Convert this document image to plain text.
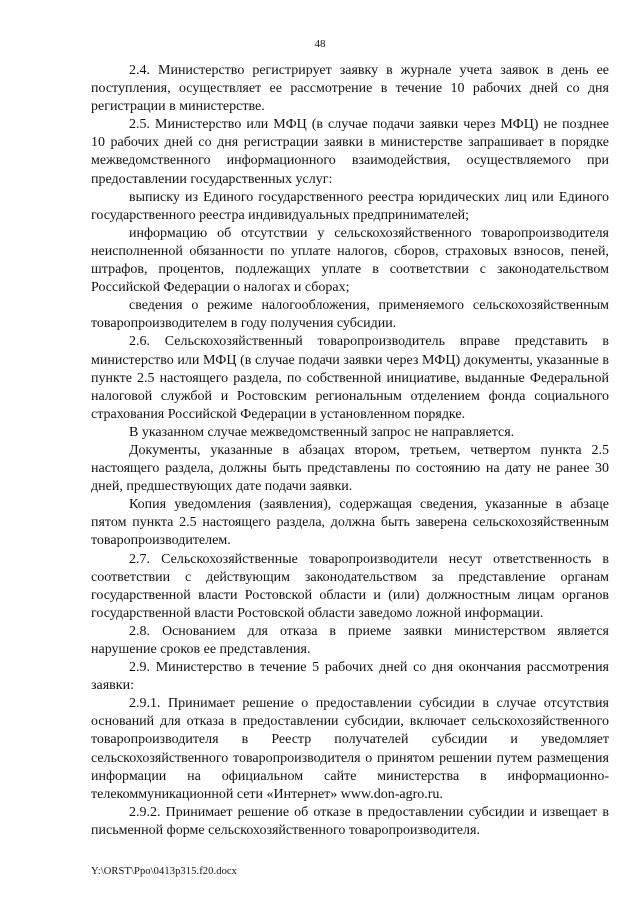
48

2.4. Министерство регистрирует заявку в журнале учета заявок в день ее поступления, осуществляет ее рассмотрение в течение 10 рабочих дней со дня регистрации в министерстве.

2.5. Министерство или МФЦ (в случае подачи заявки через МФЦ) не позднее 10 рабочих дней со дня регистрации заявки в министерстве запрашивает в порядке межведомственного информационного взаимодействия, осуществляемого при предоставлении государственных услуг:

выписку из Единого государственного реестра юридических лиц или Единого государственного реестра индивидуальных предпринимателей;

информацию об отсутствии у сельскохозяйственного товаропроизводителя неисполненной обязанности по уплате налогов, сборов, страховых взносов, пеней, штрафов, процентов, подлежащих уплате в соответствии с законодательством Российской Федерации о налогах и сборах;

сведения о режиме налогообложения, применяемого сельскохозяйственным товаропроизводителем в году получения субсидии.

2.6. Сельскохозяйственный товаропроизводитель вправе представить в министерство или МФЦ (в случае подачи заявки через МФЦ) документы, указанные в пункте 2.5 настоящего раздела, по собственной инициативе, выданные Федеральной налоговой службой и Ростовским региональным отделением фонда социального страхования Российской Федерации в установленном порядке.

В указанном случае межведомственный запрос не направляется.

Документы, указанные в абзацах втором, третьем, четвертом пункта 2.5 настоящего раздела, должны быть представлены по состоянию на дату не ранее 30 дней, предшествующих дате подачи заявки.

Копия уведомления (заявления), содержащая сведения, указанные в абзаце пятом пункта 2.5 настоящего раздела, должна быть заверена сельскохозяйственным товаропроизводителем.

2.7. Сельскохозяйственные товаропроизводители несут ответственность в соответствии с действующим законодательством за представление органам государственной власти Ростовской области и (или) должностным лицам органов государственной власти Ростовской области заведомо ложной информации.

2.8. Основанием для отказа в приеме заявки министерством является нарушение сроков ее представления.

2.9. Министерство в течение 5 рабочих дней со дня окончания рассмотрения заявки:

2.9.1. Принимает решение о предоставлении субсидии в случае отсутствия оснований для отказа в предоставлении субсидии, включает сельскохозяйственного товаропроизводителя в Реестр получателей субсидии и уведомляет сельскохозяйственного товаропроизводителя о принятом решении путем размещения информации на официальном сайте министерства в информационно-телекоммуникационной сети «Интернет» www.don-agro.ru.

2.9.2. Принимает решение об отказе в предоставлении субсидии и извещает в письменной форме сельскохозяйственного товаропроизводителя.

Y:\ORST\Ppo\0413p315.f20.docx
